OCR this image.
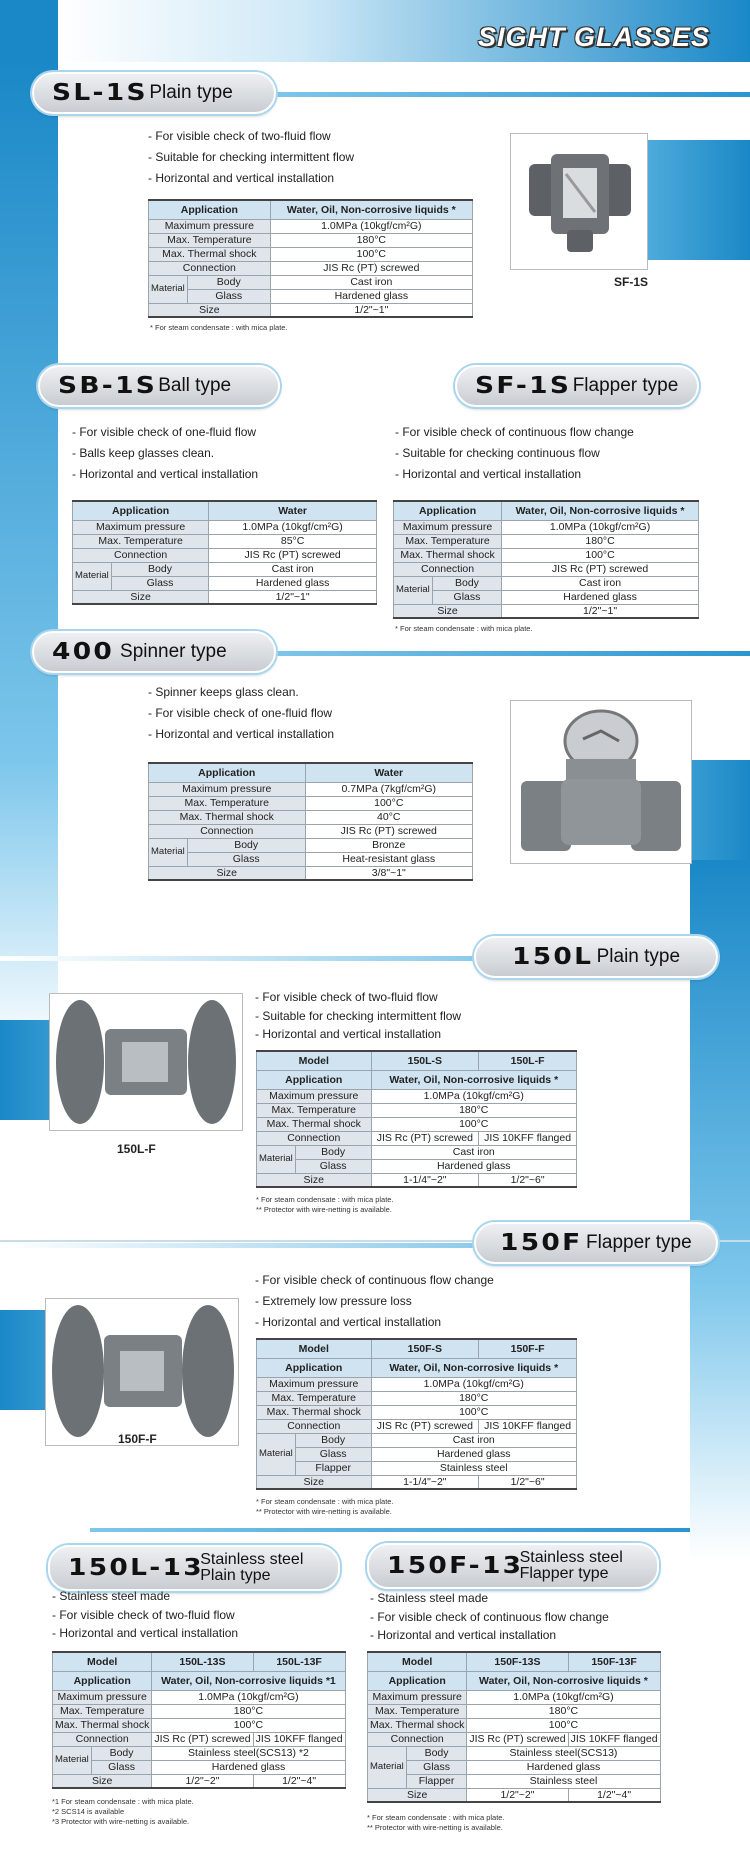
SIGHT GLASSES
SL-1S Plain type
- For visible check of two-fluid flow
- Suitable for checking intermittent flow
- Horizontal and vertical installation
Application		Water, Oil, Non-corrosive liquids *
Maximum pressure		1.0MPa (10kgf/cm²G)
Max. Temperature		180°C
Max. Thermal shock		100°C
Connection		JIS Rc (PT) screwed
Material	Body	Cast iron
	Glass	Hardened glass
Size		1/2"~1"
* For steam condensate : with mica plate.
SF-1S
SB-1S Ball type
- For visible check of one-fluid flow
- Balls keep glasses clean.
- Horizontal and vertical installation
Application		Water
Maximum pressure		1.0MPa (10kgf/cm²G)
Max. Temperature		85°C
Connection		JIS Rc (PT) screwed
Material	Body	Cast iron
	Glass	Hardened glass
Size		1/2"~1"
SF-1S Flapper type
- For visible check of continuous flow change
- Suitable for checking continuous flow
- Horizontal and vertical installation
Application		Water, Oil, Non-corrosive liquids *
Maximum pressure		1.0MPa (10kgf/cm²G)
Max. Temperature		180°C
Max. Thermal shock		100°C
Connection		JIS Rc (PT) screwed
Material	Body	Cast iron
	Glass	Hardened glass
Size		1/2"~1"
* For steam condensate : with mica plate.
400 Spinner type
- Spinner keeps glass clean.
- For visible check of one-fluid flow
- Horizontal and vertical installation
Application		Water
Maximum pressure		0.7MPa (7kgf/cm²G)
Max. Temperature		100°C
Max. Thermal shock		40°C
Connection		JIS Rc (PT) screwed
Material	Body	Bronze
	Glass	Heat-resistant glass
Size		3/8"~1"
150L Plain type
150L-F
- For visible check of two-fluid flow
- Suitable for checking intermittent flow
- Horizontal and vertical installation
Model		150L-S	150L-F
Application		Water, Oil, Non-corrosive liquids *	
Maximum pressure		1.0MPa (10kgf/cm²G)	
Max. Temperature		180°C	
Max. Thermal shock		100°C	
Connection		JIS Rc (PT) screwed	JIS 10KFF flanged
Material	Body	Cast iron	
	Glass	Hardened glass	
Size		1-1/4"~2"	1/2"~6"
* For steam condensate : with mica plate.
** Protector with wire-netting is available.
150F Flapper type
150F-F
- For visible check of continuous flow change
- Extremely low pressure loss
- Horizontal and vertical installation
Model		150F-S	150F-F
Application		Water, Oil, Non-corrosive liquids *	
Maximum pressure		1.0MPa (10kgf/cm²G)	
Max. Temperature		180°C	
Max. Thermal shock		100°C	
Connection		JIS Rc (PT) screwed	JIS 10KFF flanged
Material	Body	Cast iron	
	Glass	Hardened glass	
	Flapper	Stainless steel	
Size		1-1/4"~2"	1/2"~6"
* For steam condensate : with mica plate.
** Protector with wire-netting is available.
150L-13
Stainless steel
Plain type
- Stainless steel made
- For visible check of two-fluid flow
- Horizontal and vertical installation
Model		150L-13S	150L-13F
Application		Water, Oil, Non-corrosive liquids *1	
Maximum pressure		1.0MPa (10kgf/cm²G)	
Max. Temperature		180°C	
Max. Thermal shock		100°C	
Connection		JIS Rc (PT) screwed	JIS 10KFF flanged
Material	Body	Stainless steel(SCS13) *2	
	Glass	Hardened glass	
Size		1/2"~2"	1/2"~4"
*1 For steam condensate : with mica plate.
*2 SCS14 is available
*3 Protector with wire-netting is available.
150F-13
Stainless steel
Flapper type
- Stainless steel made
- For visible check of continuous flow change
- Horizontal and vertical installation
Model		150F-13S	150F-13F
Application		Water, Oil, Non-corrosive liquids *	
Maximum pressure		1.0MPa (10kgf/cm²G)	
Max. Temperature		180°C	
Max. Thermal shock		100°C	
Connection		JIS Rc (PT) screwed	JIS 10KFF flanged
Material	Body	Stainless steel(SCS13)	
	Glass	Hardened glass	
	Flapper	Stainless steel	
Size		1/2"~2"	1/2"~4"
* For steam condensate : with mica plate.
** Protector with wire-netting is available.
